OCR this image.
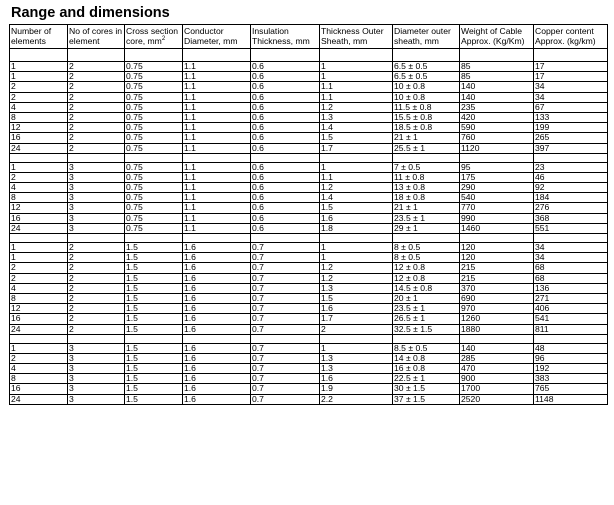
Range and dimensions
Number of elements	No of cores in element	Cross section core, $mm^2$	Conductor Diameter, mm	Insulation Thickness, mm	Thickness Outer Sheath, mm	Diameter outer sheath, mm	Weight of Cable Approx. (Kg/Km)	Copper content Approx. (kg/km)

1	2	0.75	1.1	0.6	1	6.5 ± 0.5	85	17
1	2	0.75	1.1	0.6	1	6.5 ± 0.5	85	17
2	2	0.75	1.1	0.6	1.1	10 ± 0.8	140	34
2	2	0.75	1.1	0.6	1.1	10 ± 0.8	140	34
4	2	0.75	1.1	0.6	1.2	11.5 ± 0.8	235	67
8	2	0.75	1.1	0.6	1.3	15.5 ± 0.8	420	133
12	2	0.75	1.1	0.6	1.4	18.5 ± 0.8	590	199
16	2	0.75	1.1	0.6	1.5	21 ± 1	760	265
24	2	0.75	1.1	0.6	1.7	25.5 ± 1	1120	397

1	3	0.75	1.1	0.6	1	7 ± 0.5	95	23
2	3	0.75	1.1	0.6	1.1	11 ± 0.8	175	46
4	3	0.75	1.1	0.6	1.2	13 ± 0.8	290	92
8	3	0.75	1.1	0.6	1.4	18 ± 0.8	540	184
12	3	0.75	1.1	0.6	1.5	21 ± 1	770	276
16	3	0.75	1.1	0.6	1.6	23.5 ± 1	990	368
24	3	0.75	1.1	0.6	1.8	29 ± 1	1460	551

1	2	1.5	1.6	0.7	1	8 ± 0.5	120	34
1	2	1.5	1.6	0.7	1	8 ± 0.5	120	34
2	2	1.5	1.6	0.7	1.2	12 ± 0.8	215	68
2	2	1.5	1.6	0.7	1.2	12 ± 0.8	215	68
4	2	1.5	1.6	0.7	1.3	14.5 ± 0.8	370	136
8	2	1.5	1.6	0.7	1.5	20 ± 1	690	271
12	2	1.5	1.6	0.7	1.6	23.5 ± 1	970	406
16	2	1.5	1.6	0.7	1.7	26.5 ± 1	1260	541
24	2	1.5	1.6	0.7	2	32.5 ± 1.5	1880	811

1	3	1.5	1.6	0.7	1	8.5 ± 0.5	140	48
2	3	1.5	1.6	0.7	1.3	14 ± 0.8	285	96
4	3	1.5	1.6	0.7	1.3	16 ± 0.8	470	192
8	3	1.5	1.6	0.7	1.6	22.5 ± 1	900	383
16	3	1.5	1.6	0.7	1.9	30 ± 1.5	1700	765
24	3	1.5	1.6	0.7	2.2	37 ± 1.5	2520	1148
